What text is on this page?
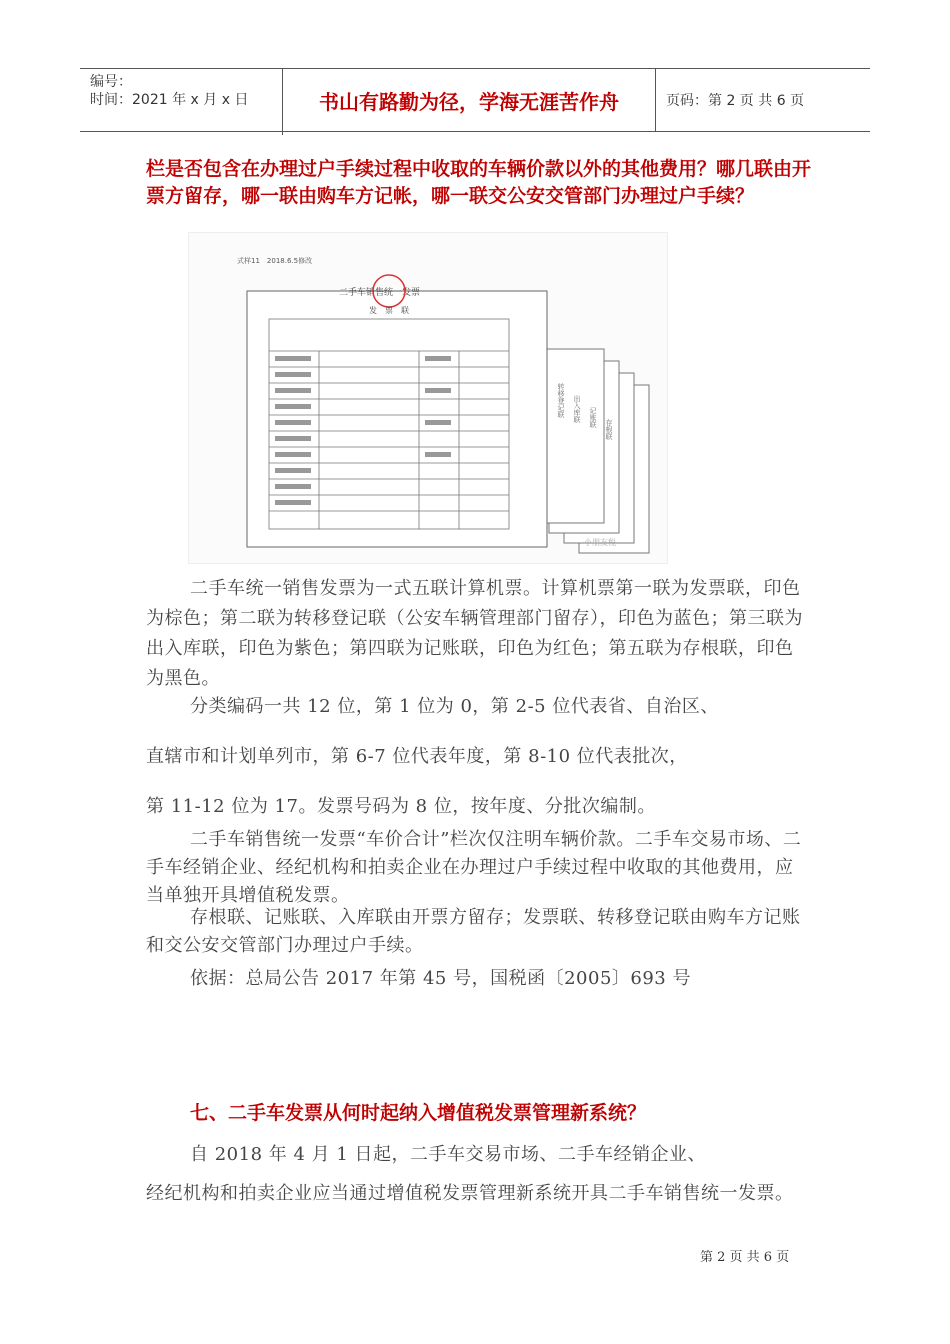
编号：
时间：2021 年 x 月 x 日	书山有路勤为径，学海无涯苦作舟	页码：第 2 页 共 6 页
栏是否包含在办理过户手续过程中收取的车辆价款以外的其他费用？哪几联由开票方留存，哪一联由购车方记帐，哪一联交公安交管部门办理过户手续？
转移登记联 出入库联 记账联
存根联
式样11　2018.6.5修改
二手车销售统一发票
发　票　联
小朋友税
二手车统一销售发票为一式五联计算机票。计算机票第一联为发票联，印色为棕色；第二联为转移登记联（公安车辆管理部门留存），印色为蓝色；第三联为出入库联，印色为紫色；第四联为记账联，印色为红色；第五联为存根联，印色为黑色。
分类编码一共 12 位，第 1 位为 0，第 2-5 位代表省、自治区、
直辖市和计划单列市，第 6-7 位代表年度，第 8-10 位代表批次，
第 11-12 位为 17。发票号码为 8 位，按年度、分批次编制。
二手车销售统一发票“车价合计”栏次仅注明车辆价款。二手车交易市场、二手车经销企业、经纪机构和拍卖企业在办理过户手续过程中收取的其他费用，应当单独开具增值税发票。
存根联、记账联、入库联由开票方留存；发票联、转移登记联由购车方记账和交公安交管部门办理过户手续。
依据：总局公告 2017 年第 45 号，国税函〔2005〕693 号
七、二手车发票从何时起纳入增值税发票管理新系统？
自 2018 年 4 月 1 日起，二手车交易市场、二手车经销企业、
经纪机构和拍卖企业应当通过增值税发票管理新系统开具二手车销售统一发票。
第 2 页 共 6 页
